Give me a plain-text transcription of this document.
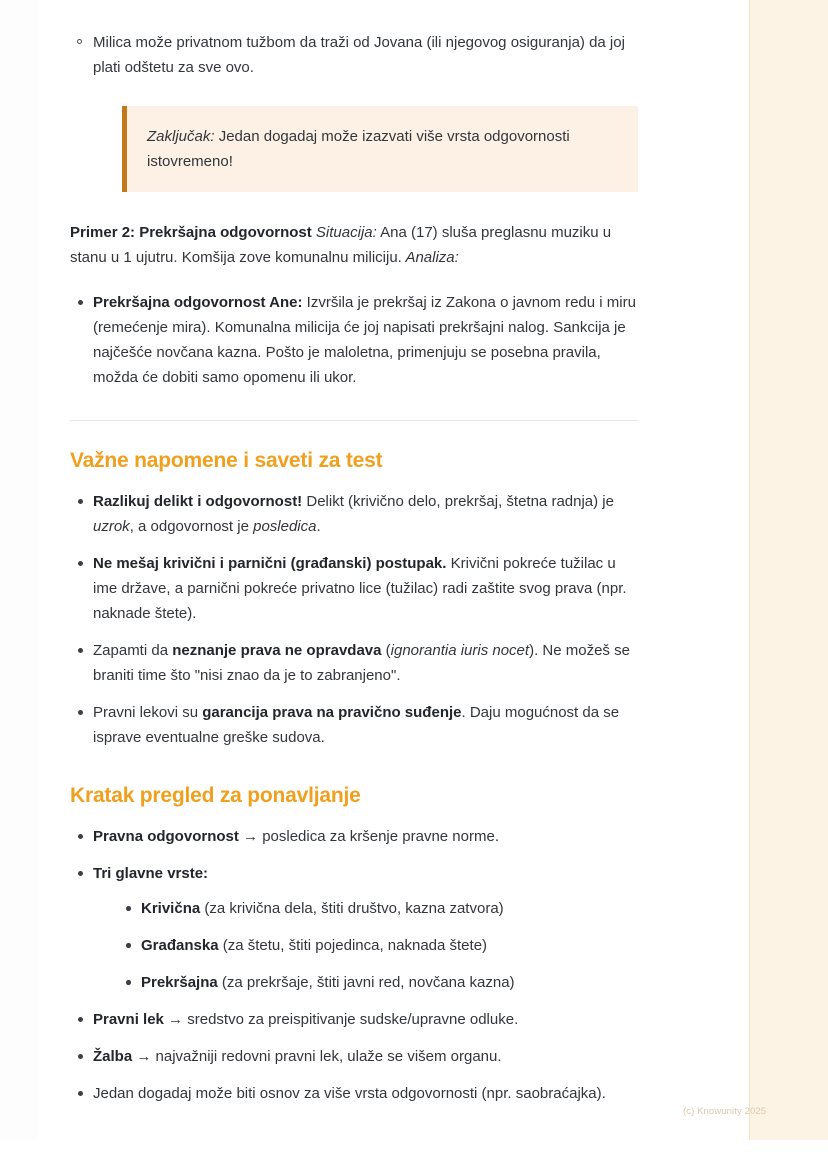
Milica može privatnom tužbom da traži od Jovana (ili njegovog osiguranja) da joj plati odštetu za sve ovo.
Zaključak: Jedan dogadaj može izazvati više vrsta odgovornosti istovremeno!

Primer 2: Prekršajna odgovornost Situacija: Ana (17) sluša preglasnu muziku u stanu u 1 ujutru. Komšija zove komunalnu miliciju. Analiza:

Prekršajna odgovornost Ane: Izvršila je prekršaj iz Zakona o javnom redu i miru (remećenje mira). Komunalna milicija će joj napisati prekršajni nalog. Sankcija je najčešće novčana kazna. Pošto je maloletna, primenjuju se posebna pravila, možda će dobiti samo opomenu ili ukor.
Važne napomene i saveti za test
Razlikuj delikt i odgovornost! Delikt (krivično delo, prekršaj, štetna radnja) je uzrok, a odgovornost je posledica.
Ne mešaj krivični i parnični (građanski) postupak. Krivični pokreće tužilac u ime države, a parnični pokreće privatno lice (tužilac) radi zaštite svog prava (npr. naknade štete).
Zapamti da neznanje prava ne opravdava (ignorantia iuris nocet). Ne možeš se braniti time što "nisi znao da je to zabranjeno".
Pravni lekovi su garancija prava na pravično suđenje. Daju mogućnost da se isprave eventualne greške sudova.
Kratak pregled za ponavljanje
Pravna odgovornost → posledica za kršenje pravne norme.
Tri glavne vrste:
Krivična (za krivična dela, štiti društvo, kazna zatvora)
Građanska (za štetu, štiti pojedinca, naknada štete)
Prekršajna (za prekršaje, štiti javni red, novčana kazna)
Pravni lek → sredstvo za preispitivanje sudske/upravne odluke.
Žalba → najvažniji redovni pravni lek, ulaže se višem organu.
Jedan dogadaj može biti osnov za više vrsta odgovornosti (npr. saobraćajka).
(c) Knowunity 2025
